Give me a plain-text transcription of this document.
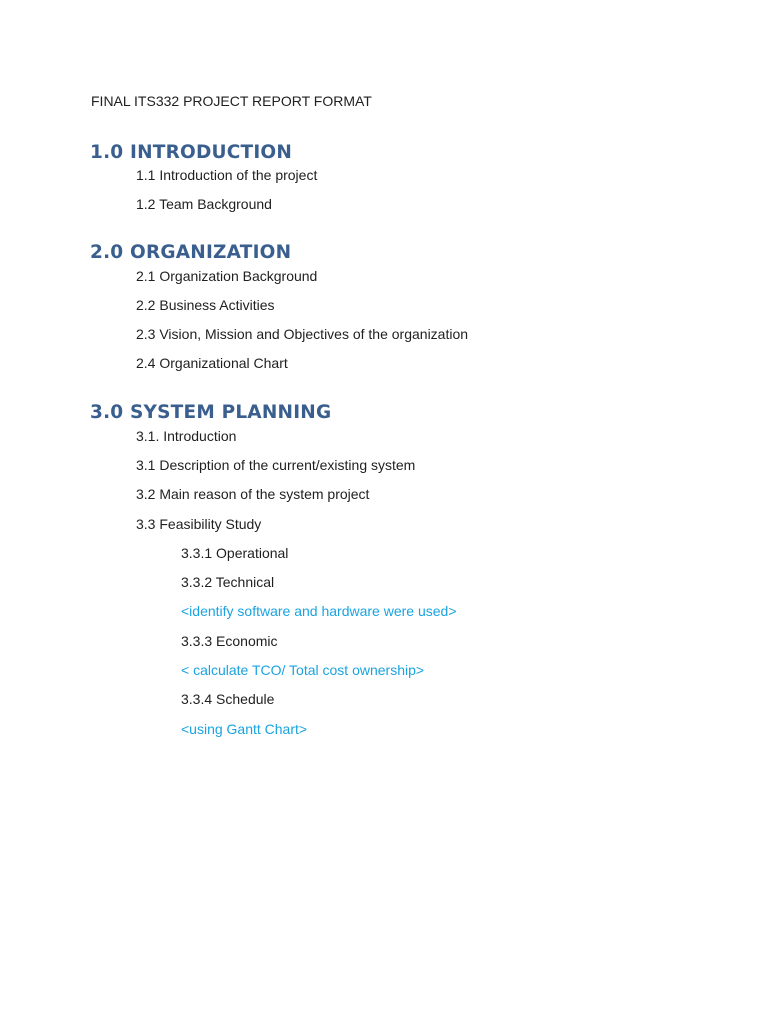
FINAL ITS332 PROJECT REPORT FORMAT
1.0 INTRODUCTION
1.1 Introduction of the project
1.2 Team Background
2.0 ORGANIZATION
2.1 Organization Background
2.2 Business Activities
2.3 Vision, Mission and Objectives of the organization
2.4 Organizational Chart
3.0 SYSTEM PLANNING
3.1. Introduction
3.1 Description of the current/existing system
3.2 Main reason of the system project
3.3 Feasibility Study
3.3.1 Operational
3.3.2 Technical
<identify software and hardware were used>
3.3.3 Economic
< calculate TCO/ Total cost ownership>
3.3.4 Schedule
<using Gantt Chart>
